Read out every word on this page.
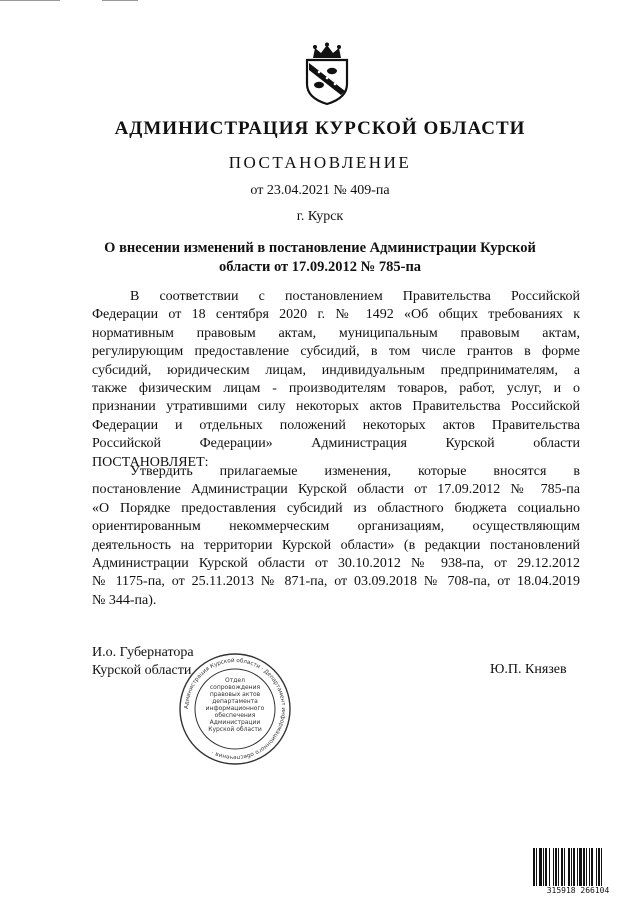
АДМИНИСТРАЦИЯ КУРСКОЙ ОБЛАСТИ
ПОСТАНОВЛЕНИЕ
от 23.04.2021 № 409-па
г. Курск
О внесении изменений в постановление Администрации Курской
области от 17.09.2012 № 785-па
В соответствии с постановлением Правительства Российской
Федерации от 18 сентября 2020 г. № 1492 «Об общих требованиях к
нормативным правовым актам, муниципальным правовым актам,
регулирующим предоставление субсидий, в том числе грантов в форме
субсидий, юридическим лицам, индивидуальным предпринимателям, а
также физическим лицам - производителям товаров, работ, услуг, и о
признании утратившими силу некоторых актов Правительства Российской
Федерации и отдельных положений некоторых актов Правительства
Российской Федерации» Администрация Курской области
ПОСТАНОВЛЯЕТ:
Утвердить прилагаемые изменения, которые вносятся в
постановление Администрации Курской области от 17.09.2012 № 785-па
«О Порядке предоставления субсидий из областного бюджета социально
ориентированным некоммерческим организациям, осуществляющим
деятельность на территории Курской области» (в редакции постановлений
Администрации Курской области от 30.10.2012 № 938-па, от 29.12.2012
№ 1175-па, от 25.11.2013 № 871-па, от 03.09.2018 № 708-па, от 18.04.2019
№ 344-па).
И.о. Губернатора
Курской области	Ю.П. Князев
Администрация Курской области · Департамент информационного обеспечения ·
Отдел
сопровождения
правовых актов
департамента
информационного
обеспечения
Администрации
Курской области
315918 266104
